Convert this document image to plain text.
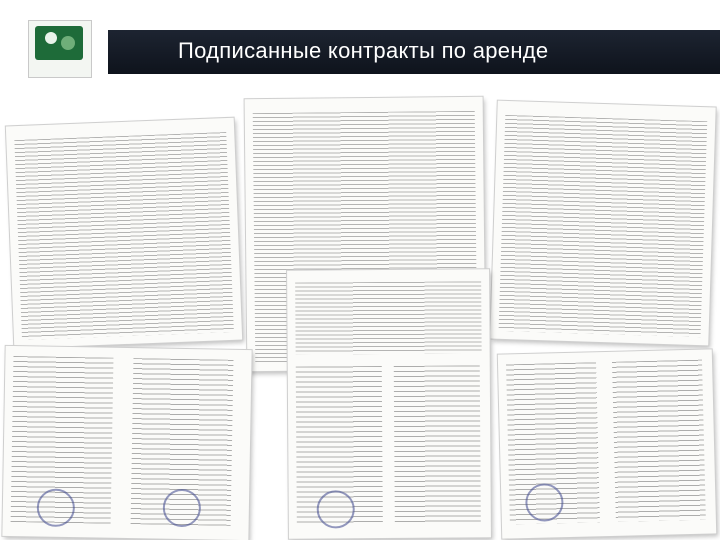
Подписанные контракты по аренде
